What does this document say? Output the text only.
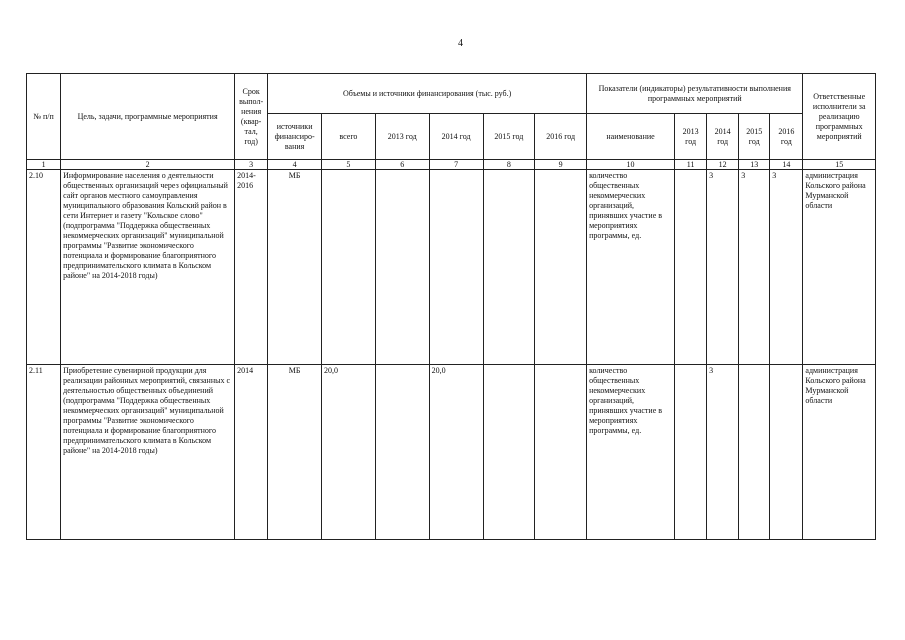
4
№ п/п	Цель, задачи, программные мероприятия	Срок выпол-нения (квар-тал, год)	Объемы и источники финансирования (тыс. руб.)						Показатели (индикаторы) результативности выполнения программных мероприятий					Ответственные исполнители за реализацию программных мероприятий
			источники финансиро-вания	всего	2013 год	2014 год	2015 год	2016 год	наименование	2013 год	2014 год	2015 год	2016 год	
1	2	3	4	5	6	7	8	9	10	11	12	13	14	15
2.10	Информирование населения о деятельности общественных организаций через официальный сайт органов местного самоуправления муниципального образования Кольский район в сети Интернет и газету "Кольское слово" (подпрограмма "Поддержка общественных некоммерческих организаций" муниципальной программы "Развитие экономического потенциала и формирование благоприятного предпринимательского климата в Кольском районе" на 2014-2018 годы)	2014-2016	МБ						количество общественных некоммерческих организаций, принявших участие в мероприятиях программы, ед.		3	3	3	администрация Кольского района Мурманской области
2.11	Приобретение сувенирной продукции для реализации районных мероприятий, связанных с деятельностью общественных объединений (подпрограмма "Поддержка общественных некоммерческих организаций" муниципальной программы "Развитие экономического потенциала и формирование благоприятного предпринимательского климата в Кольском районе" на 2014-2018 годы)	2014	МБ	20,0		20,0			количество общественных некоммерческих организаций, принявших участие в мероприятиях программы, ед.		3			администрация Кольского района Мурманской области
